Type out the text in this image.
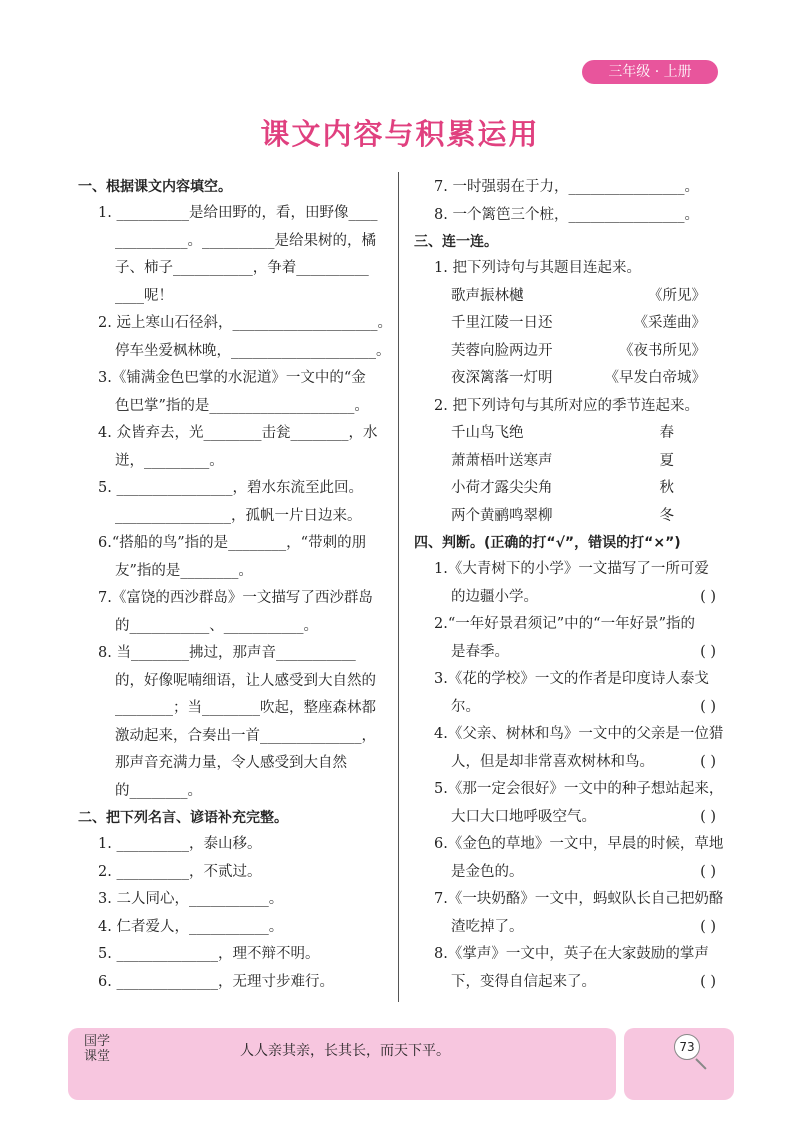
三年级 · 上册
课文内容与积累运用
一、根据课文内容填空。
1. __________是给田野的，看，田野像____
__________。__________是给果树的，橘
子、柿子___________，争着__________
____呢！
2. 远上寒山石径斜，____________________。
停车坐爱枫林晚，____________________。
3.《铺满金色巴掌的水泥道》一文中的“金
色巴掌”指的是____________________。
4. 众皆弃去，光________击瓮________，水
迸，_________。
5. ________________，碧水东流至此回。
________________，孤帆一片日边来。
6.“搭船的鸟”指的是________，“带刺的朋
友”指的是________。
7.《富饶的西沙群岛》一文描写了西沙群岛
的___________、___________。
8. 当________拂过，那声音___________
的，好像呢喃细语，让人感受到大自然的
________；当________吹起，整座森林都
激动起来，合奏出一首______________，
那声音充满力量，令人感受到大自然
的________。
二、把下列名言、谚语补充完整。
1. __________，泰山移。
2. __________，不贰过。
3. 二人同心，___________。
4. 仁者爱人，___________。
5. ______________，理不辩不明。
6. ______________，无理寸步难行。
7. 一时强弱在于力，________________。
8. 一个篱笆三个桩，________________。
三、连一连。
1. 把下列诗句与其题目连起来。
歌声振林樾	《所见》
千里江陵一日还	《采莲曲》
芙蓉向脸两边开	《夜书所见》
夜深篱落一灯明	《早发白帝城》
2. 把下列诗句与其所对应的季节连起来。
千山鸟飞绝	春
萧萧梧叶送寒声	夏
小荷才露尖尖角	秋
两个黄鹂鸣翠柳	冬
四、判断。(正确的打“√”，错误的打“×”)
1.《大青树下的小学》一文描写了一所可爱
的边疆小学。	( )
2.“一年好景君须记”中的“一年好景”指的
是春季。	( )
3.《花的学校》一文的作者是印度诗人泰戈
尔。	( )
4.《父亲、树林和鸟》一文中的父亲是一位猎
人，但是却非常喜欢树林和鸟。	( )
5.《那一定会很好》一文中的种子想站起来，
大口大口地呼吸空气。	( )
6.《金色的草地》一文中，早晨的时候，草地
是金色的。	( )
7.《一块奶酪》一文中，蚂蚁队长自己把奶酪
渣吃掉了。	( )
8.《掌声》一文中，英子在大家鼓励的掌声
下，变得自信起来了。	( )
国学
课堂	人人亲其亲，长其长，而天下平。	73
